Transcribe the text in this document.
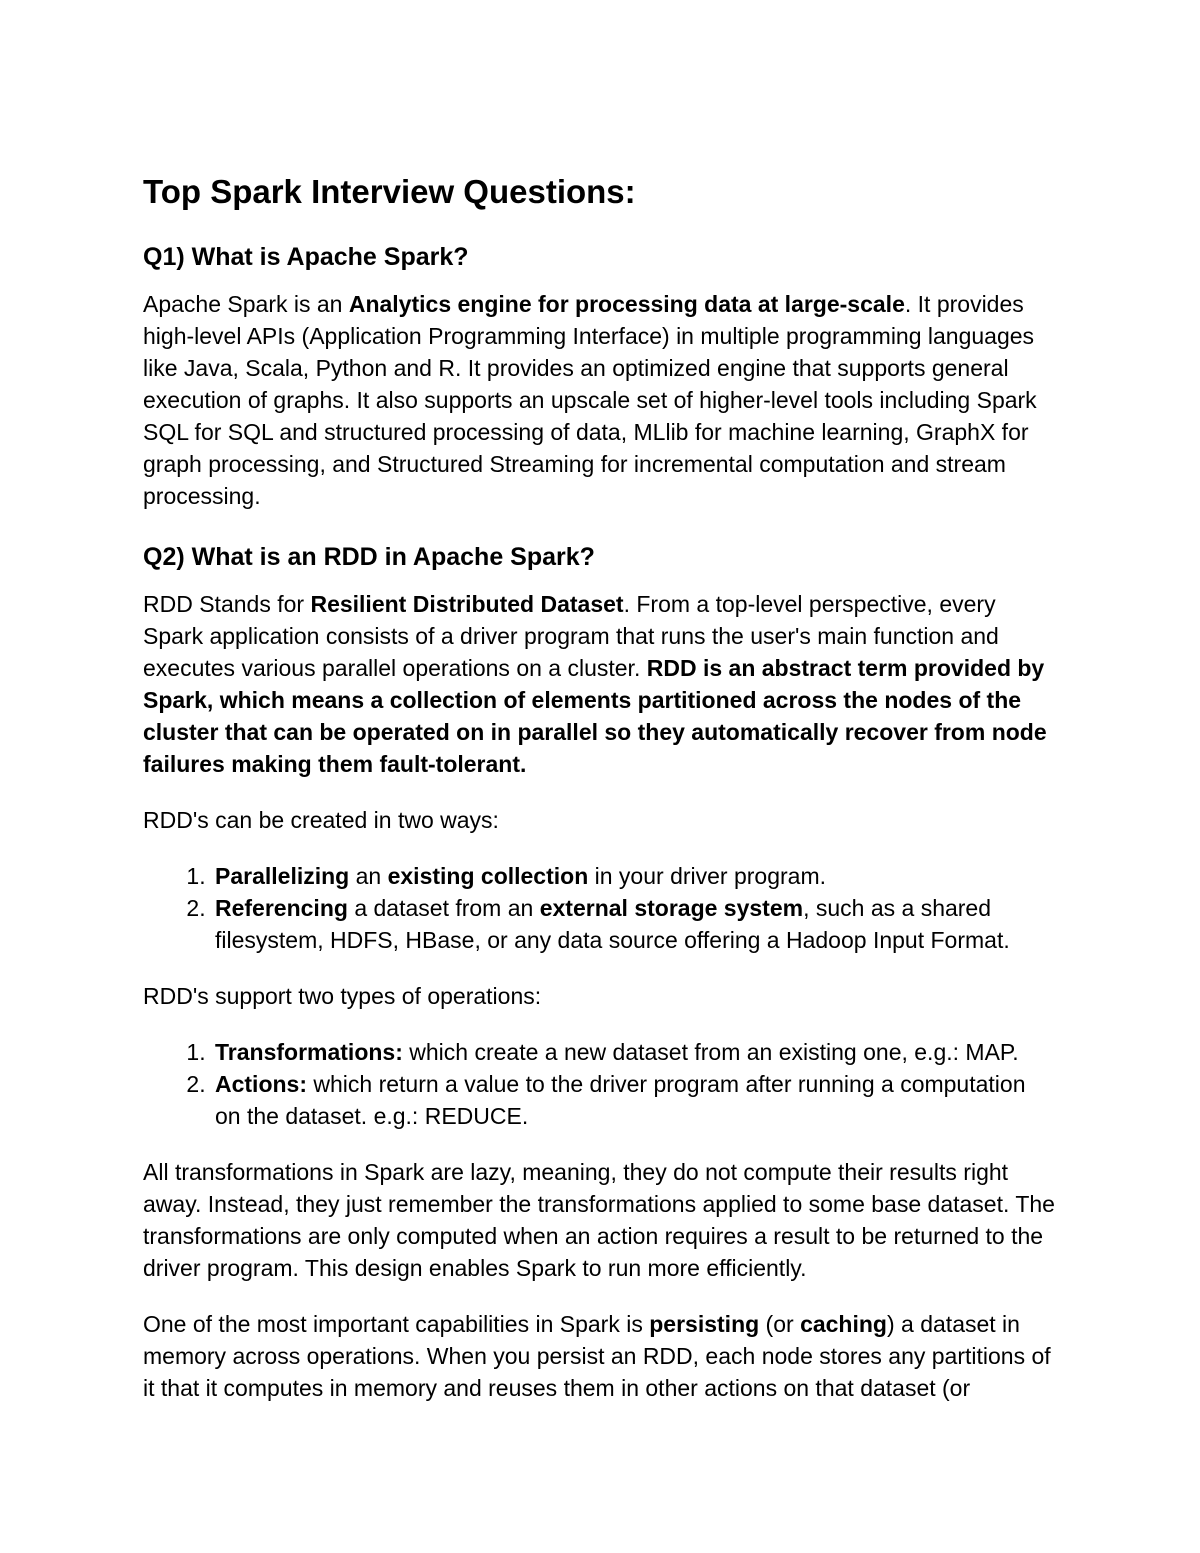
Top Spark Interview Questions:
Q1) What is Apache Spark?

Apache Spark is an Analytics engine for processing data at large-scale. It provides high-level APIs (Application Programming Interface) in multiple programming languages like Java, Scala, Python and R. It provides an optimized engine that supports general execution of graphs. It also supports an upscale set of higher-level tools including Spark SQL for SQL and structured processing of data, MLlib for machine learning, GraphX for graph processing, and Structured Streaming for incremental computation and stream processing.

Q2) What is an RDD in Apache Spark?

RDD Stands for Resilient Distributed Dataset. From a top-level perspective, every Spark application consists of a driver program that runs the user's main function and executes various parallel operations on a cluster. RDD is an abstract term provided by Spark, which means a collection of elements partitioned across the nodes of the cluster that can be operated on in parallel so they automatically recover from node failures making them fault-tolerant.

RDD's can be created in two ways:

1. Parallelizing an existing collection in your driver program.
2. Referencing a dataset from an external storage system, such as a shared filesystem, HDFS, HBase, or any data source offering a Hadoop Input Format.

RDD's support two types of operations:

1. Transformations: which create a new dataset from an existing one, e.g.: MAP.
2. Actions: which return a value to the driver program after running a computation on the dataset. e.g.: REDUCE.

All transformations in Spark are lazy, meaning, they do not compute their results right away. Instead, they just remember the transformations applied to some base dataset. The transformations are only computed when an action requires a result to be returned to the driver program. This design enables Spark to run more efficiently.

One of the most important capabilities in Spark is persisting (or caching) a dataset in memory across operations. When you persist an RDD, each node stores any partitions of it that it computes in memory and reuses them in other actions on that dataset (or
